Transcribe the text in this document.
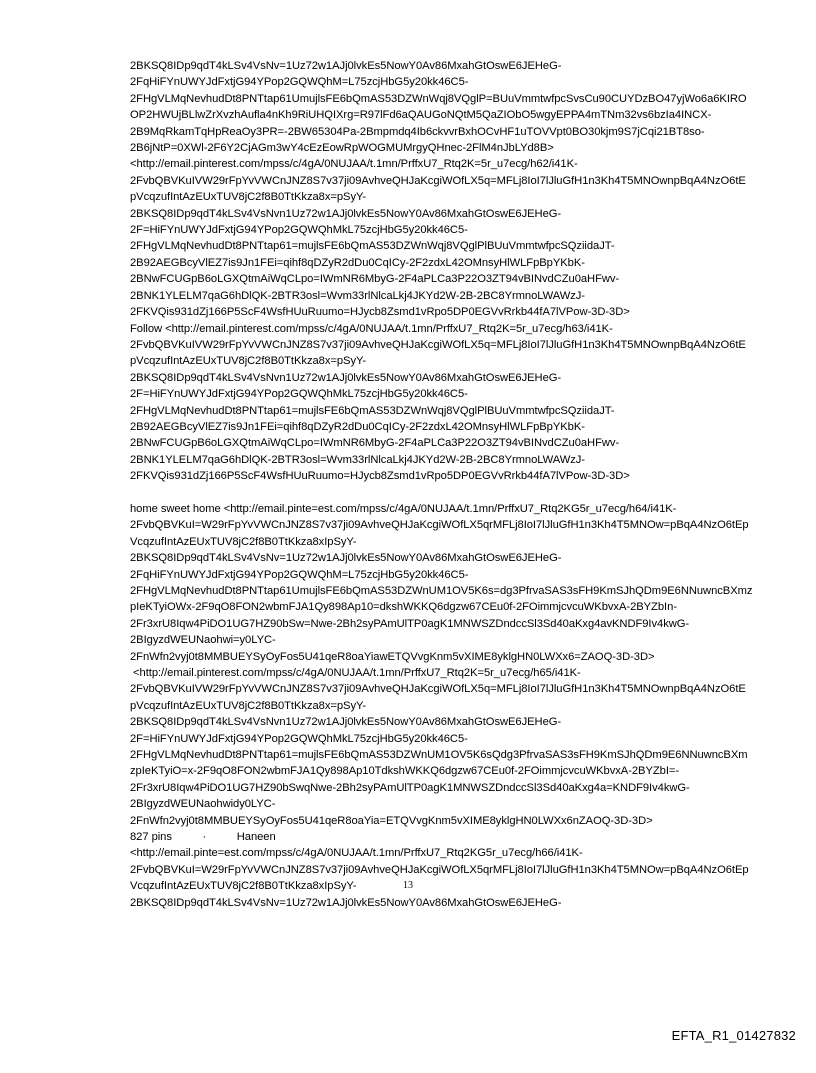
2BKSQ8IDp9qdT4kLSv4VsNv=1Uz72w1AJj0lvkEs5NowY0Av86MxahGtOswE6JEHeG-
2FqHiFYnUWYJdFxtjG94YPop2GQWQhM=L75zcjHbG5y20kk46C5-
2FHgVLMqNevhudDt8PNTtap61UmujlsFE6bQmAS53DZWnWqj8VQglP=BUuVmmtwfpcSvsCu90CUYDzBO47yjWo6a6KIRO
OP2HWUjBLlwZrXvzhAufla4nKh9RiUHQIXrg=R97lFd6aQAUGoNQtM5QaZIObO5wgyEPPA4mTNm32vs6bzIa4INCX-
2B9MqRkamTqHpReaOy3PR=-2BW65304Pa-2Bmpmdq4Ib6ckvvrBxhOCvHF1uTOVVpt0BO30kjm9S7jCqi21BT8so-
2B6jNtP=0XWl-2F6Y2CjAGm3wY4cEzEowRpWOGMUMrgyQHnec-2FlM4nJbLYd8B>
<http://email.pinterest.com/mpss/c/4gA/0NUJAA/t.1mn/PrffxU7_Rtq2K=5r_u7ecg/h62/i41K-
2FvbQBVKuIVW29rFpYvVWCnJNZ8S7v37ji09AvhveQHJaKcgiWOfLX5q=MFLj8IoI7lJluGfH1n3Kh4T5MNOwnpBqA4NzO6tE
pVcqzufIntAzEUxTUV8jC2f8B0TtKkza8x=pSyY-
2BKSQ8IDp9qdT4kLSv4VsNvn1Uz72w1AJj0lvkEs5NowY0Av86MxahGtOswE6JEHeG-
2F=HiFYnUWYJdFxtjG94YPop2GQWQhMkL75zcjHbG5y20kk46C5-
2FHgVLMqNevhudDt8PNTtap61=mujlsFE6bQmAS53DZWnWqj8VQglPlBUuVmmtwfpcSQziidaJT-
2B92AEGBcyVlEZ7is9Jn1FEi=qihf8qDZyR2dDu0CqICy-2F2zdxL42OMnsyHlWLFpBpYKbK-
2BNwFCUGpB6oLGXQtmAiWqCLpo=IWmNR6MbyG-2F4aPLCa3P22O3ZT94vBINvdCZu0aHFwv-
2BNK1YLELM7qaG6hDlQK-2BTR3osl=Wvm33rlNlcaLkj4JKYd2W-2B-2BC8YrmnoLWAWzJ-
2FKVQis931dZj166P5ScF4WsfHUuRuumo=HJycb8Zsmd1vRpo5DP0EGVvRrkb44fA7lVPow-3D-3D>
Follow <http://email.pinterest.com/mpss/c/4gA/0NUJAA/t.1mn/PrffxU7_Rtq2K=5r_u7ecg/h63/i41K-
2FvbQBVKuIVW29rFpYvVWCnJNZ8S7v37ji09AvhveQHJaKcgiWOfLX5q=MFLj8IoI7lJluGfH1n3Kh4T5MNOwnpBqA4NzO6tE
pVcqzufIntAzEUxTUV8jC2f8B0TtKkza8x=pSyY-
2BKSQ8IDp9qdT4kLSv4VsNvn1Uz72w1AJj0lvkEs5NowY0Av86MxahGtOswE6JEHeG-
2F=HiFYnUWYJdFxtjG94YPop2GQWQhMkL75zcjHbG5y20kk46C5-
2FHgVLMqNevhudDt8PNTtap61=mujlsFE6bQmAS53DZWnWqj8VQglPlBUuVmmtwfpcSQziidaJT-
2B92AEGBcyVlEZ7is9Jn1FEi=qihf8qDZyR2dDu0CqICy-2F2zdxL42OMnsyHlWLFpBpYKbK-
2BNwFCUGpB6oLGXQtmAiWqCLpo=IWmNR6MbyG-2F4aPLCa3P22O3ZT94vBINvdCZu0aHFwv-
2BNK1YLELM7qaG6hDlQK-2BTR3osl=Wvm33rlNlcaLkj4JKYd2W-2B-2BC8YrmnoLWAWzJ-
2FKVQis931dZj166P5ScF4WsfHUuRuumo=HJycb8Zsmd1vRpo5DP0EGVvRrkb44fA7lVPow-3D-3D>
home sweet home <http://email.pinte=est.com/mpss/c/4gA/0NUJAA/t.1mn/PrffxU7_Rtq2KG5r_u7ecg/h64/i41K-
2FvbQBVKuI=W29rFpYvVWCnJNZ8S7v37ji09AvhveQHJaKcgiWOfLX5qrMFLj8IoI7lJluGfH1n3Kh4T5MNOw=pBqA4NzO6tEp
VcqzufIntAzEUxTUV8jC2f8B0TtKkza8xIpSyY-
2BKSQ8IDp9qdT4kLSv4VsNv=1Uz72w1AJj0lvkEs5NowY0Av86MxahGtOswE6JEHeG-
2FqHiFYnUWYJdFxtjG94YPop2GQWQhM=L75zcjHbG5y20kk46C5-
2FHgVLMqNevhudDt8PNTtap61UmujlsFE6bQmAS53DZWnUM1OV5K6s=dg3PfrvaSAS3sFH9KmSJhQDm9E6NNuwncBXmz
pIeKTyiOWx-2F9qO8FON2wbmFJA1Qy898Ap10=dkshWKKQ6dgzw67CEu0f-2FOimmjcvcuWKbvxA-2BYZbIn-
2Fr3xrU8Iqw4PiDO1UG7HZ90bSw=Nwe-2Bh2syPAmUlTP0agK1MNWSZDndccSl3Sd40aKxg4avKNDF9Iv4kwG-
2BIgyzdWEUNaohwi=y0LYC-
2FnWfn2vyj0t8MMBUEYSyOyFos5U41qeR8oaYiawETQVvgKnm5vXIME8yklgHN0LWXx6=ZAOQ-3D-3D>
<http://email.pinterest.com/mpss/c/4gA/0NUJAA/t.1mn/PrffxU7_Rtq2K=5r_u7ecg/h65/i41K-
2FvbQBVKuIVW29rFpYvVWCnJNZ8S7v37ji09AvhveQHJaKcgiWOfLX5q=MFLj8IoI7lJluGfH1n3Kh4T5MNOwnpBqA4NzO6tE
pVcqzufIntAzEUxTUV8jC2f8B0TtKkza8x=pSyY-
2BKSQ8IDp9qdT4kLSv4VsNvn1Uz72w1AJj0lvkEs5NowY0Av86MxahGtOswE6JEHeG-
2F=HiFYnUWYJdFxtjG94YPop2GQWQhMkL75zcjHbG5y20kk46C5-
2FHgVLMqNevhudDt8PNTtap61=mujlsFE6bQmAS53DZWnUM1OV5K6sQdg3PfrvaSAS3sFH9KmSJhQDm9E6NNuwncBXm
zpIeKTyiO=x-2F9qO8FON2wbmFJA1Qy898Ap10TdkshWKKQ6dgzw67CEu0f-2FOimmjcvcuWKbvxA-2BYZbI=-
2Fr3xrU8Iqw4PiDO1UG7HZ90bSwqNwe-2Bh2syPAmUlTP0agK1MNWSZDndccSl3Sd40aKxg4a=KNDF9Iv4kwG-
2BIgyzdWEUNaohwidy0LYC-
2FnWfn2vyj0t8MMBUEYSyOyFos5U41qeR8oaYia=ETQVvgKnm5vXIME8yklgHN0LWXx6nZAOQ-3D-3D>
827 pins          ·          Haneen
<http://email.pinte=est.com/mpss/c/4gA/0NUJAA/t.1mn/PrffxU7_Rtq2KG5r_u7ecg/h66/i41K-
2FvbQBVKuI=W29rFpYvVWCnJNZ8S7v37ji09AvhveQHJaKcgiWOfLX5qrMFLj8IoI7lJluGfH1n3Kh4T5MNOw=pBqA4NzO6tEp
VcqzufIntAzEUxTUV8jC2f8B0TtKkza8xIpSyY-
2BKSQ8IDp9qdT4kLSv4VsNv=1Uz72w1AJj0lvkEs5NowY0Av86MxahGtOswE6JEHeG-
13
EFTA_R1_01427832
